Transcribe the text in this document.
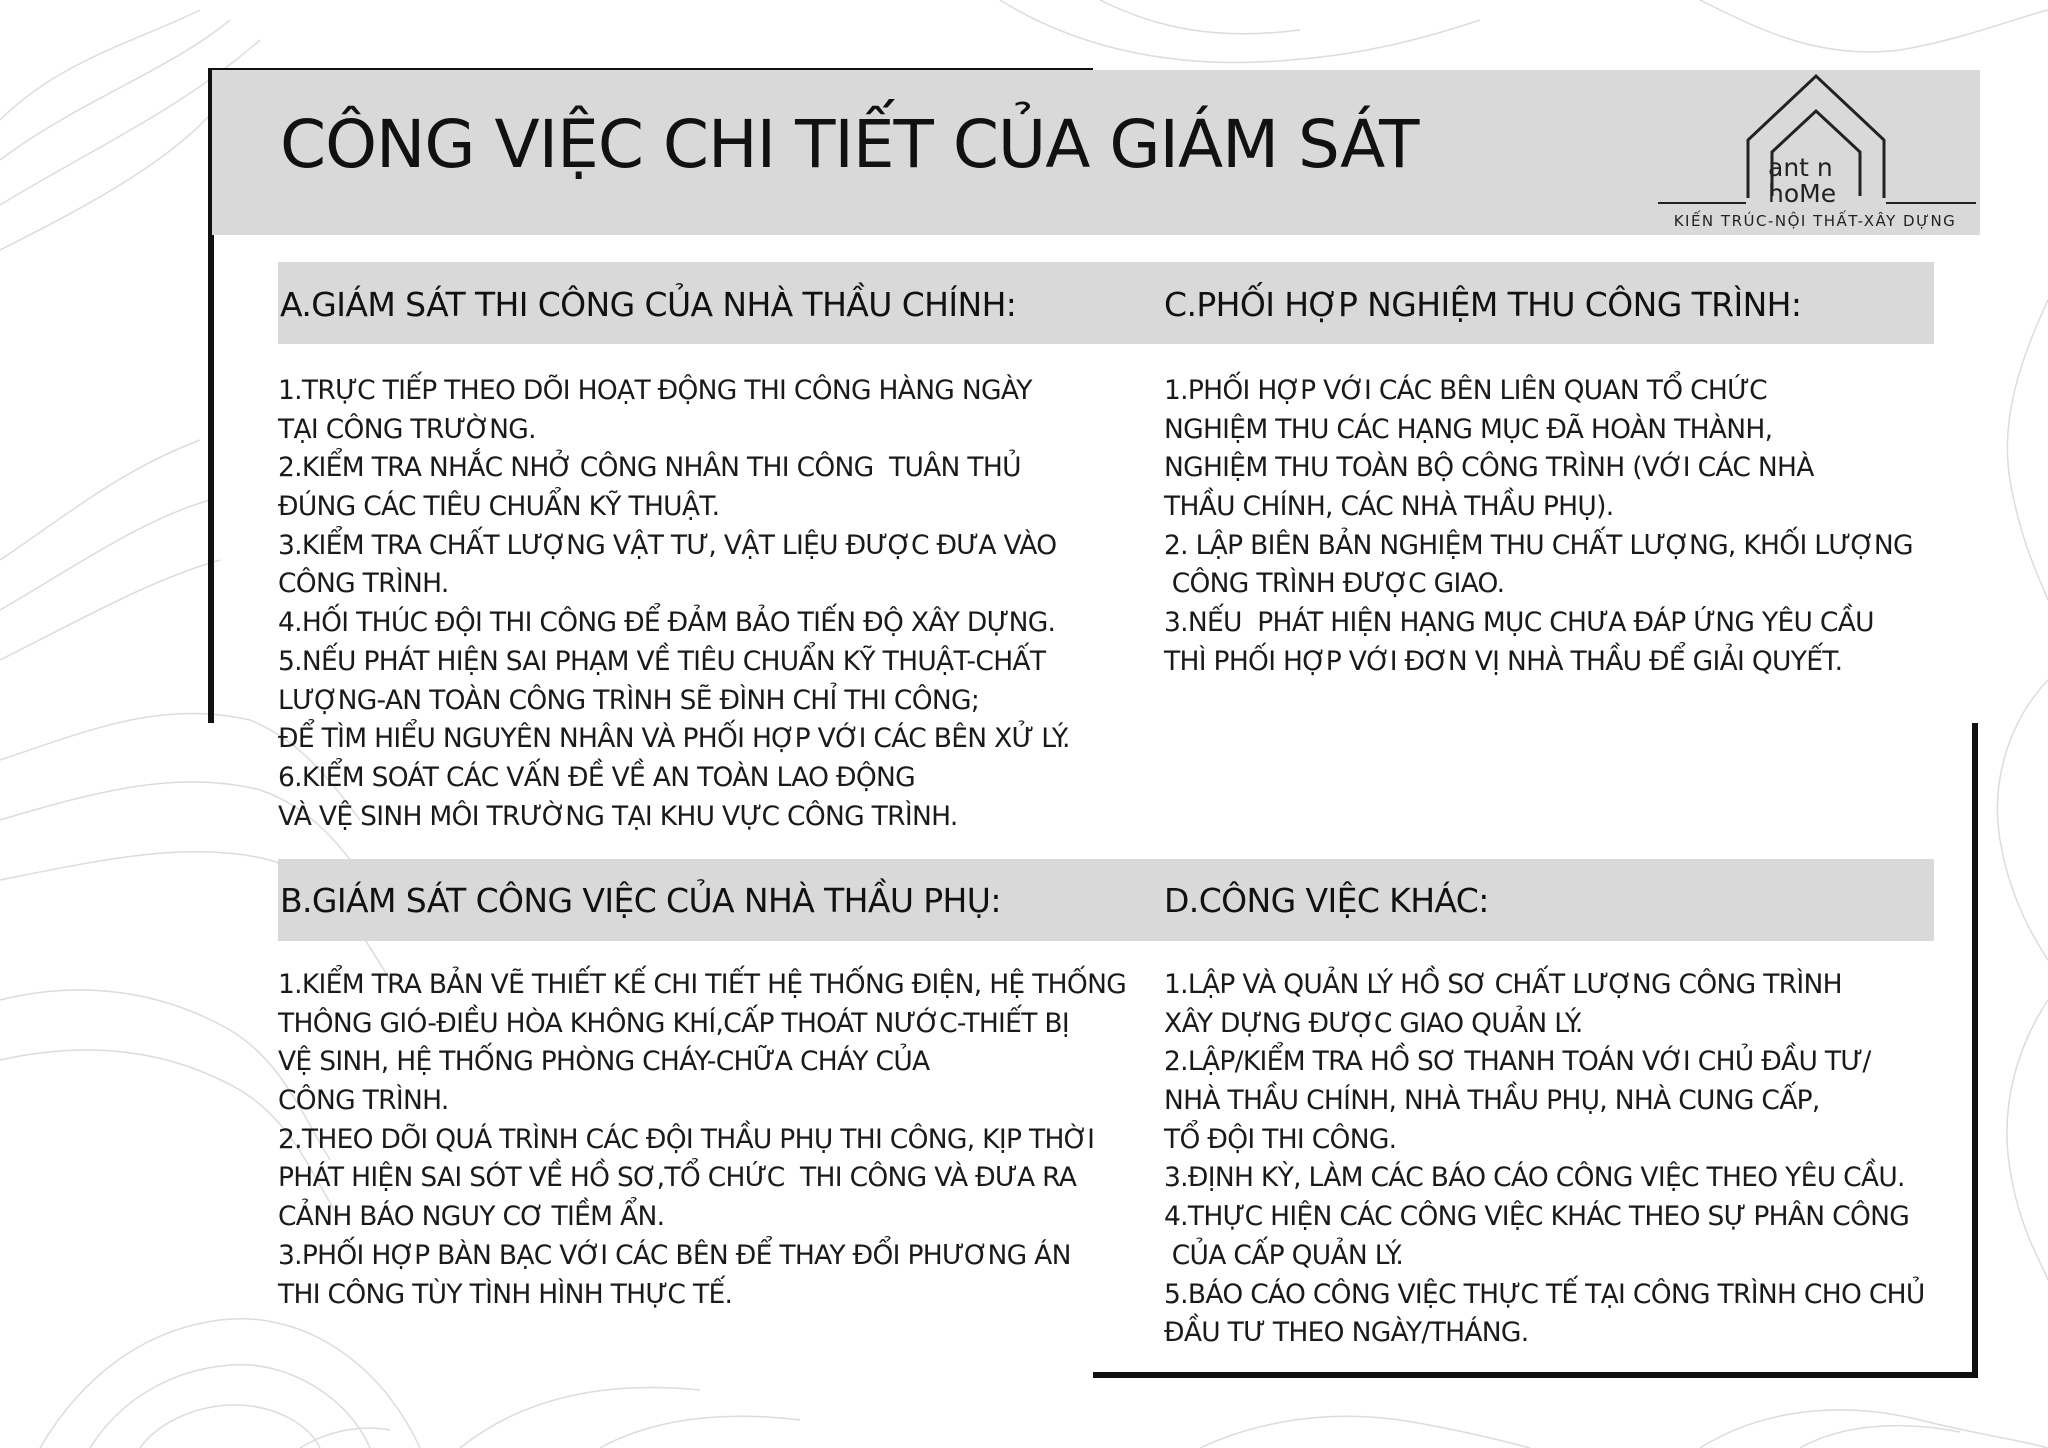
CÔNG VIỆC CHI TIẾT CỦA GIÁM SÁT	ant n
hoMe
KIẾN TRÚC-NỘI THẤT-XÂY DỰNG
A.GIÁM SÁT THI CÔNG CỦA NHÀ THẦU CHÍNH:
1.TRỰC TIẾP THEO DÕI HOẠT ĐỘNG THI CÔNG HÀNG NGÀY
TẠI CÔNG TRƯỜNG.
2.KIỂM TRA NHẮC NHỞ CÔNG NHÂN THI CÔNG  TUÂN THỦ
ĐÚNG CÁC TIÊU CHUẨN KỸ THUẬT.
3.KIỂM TRA CHẤT LƯỢNG VẬT TƯ, VẬT LIỆU ĐƯỢC ĐƯA VÀO
CÔNG TRÌNH.
4.HỐI THÚC ĐỘI THI CÔNG ĐỂ ĐẢM BẢO TIẾN ĐỘ XÂY DỰNG.
5.NẾU PHÁT HIỆN SAI PHẠM VỀ TIÊU CHUẨN KỸ THUẬT-CHẤT
LƯỢNG-AN TOÀN CÔNG TRÌNH SẼ ĐÌNH CHỈ THI CÔNG;
ĐỂ TÌM HIỂU NGUYÊN NHÂN VÀ PHỐI HỢP VỚI CÁC BÊN XỬ LÝ.
6.KIỂM SOÁT CÁC VẤN ĐỀ VỀ AN TOÀN LAO ĐỘNG
VÀ VỆ SINH MÔI TRƯỜNG TẠI KHU VỰC CÔNG TRÌNH.
C.PHỐI HỢP NGHIỆM THU CÔNG TRÌNH:
1.PHỐI HỢP VỚI CÁC BÊN LIÊN QUAN TỔ CHỨC
NGHIỆM THU CÁC HẠNG MỤC ĐÃ HOÀN THÀNH,
NGHIỆM THU TOÀN BỘ CÔNG TRÌNH (VỚI CÁC NHÀ
THẦU CHÍNH, CÁC NHÀ THẦU PHỤ).
2. LẬP BIÊN BẢN NGHIỆM THU CHẤT LƯỢNG, KHỐI LƯỢNG
CÔNG TRÌNH ĐƯỢC GIAO.
3.NẾU  PHÁT HIỆN HẠNG MỤC CHƯA ĐÁP ỨNG YÊU CẦU
THÌ PHỐI HỢP VỚI ĐƠN VỊ NHÀ THẦU ĐỂ GIẢI QUYẾT.
B.GIÁM SÁT CÔNG VIỆC CỦA NHÀ THẦU PHỤ:
1.KIỂM TRA BẢN VẼ THIẾT KẾ CHI TIẾT HỆ THỐNG ĐIỆN, HỆ THỐNG
THÔNG GIÓ-ĐIỀU HÒA KHÔNG KHÍ,CẤP THOÁT NƯỚC-THIẾT BỊ
VỆ SINH, HỆ THỐNG PHÒNG CHÁY-CHỮA CHÁY CỦA
CÔNG TRÌNH.
2.THEO DÕI QUÁ TRÌNH CÁC ĐỘI THẦU PHỤ THI CÔNG, KỊP THỜI
PHÁT HIỆN SAI SÓT VỀ HỒ SƠ,TỔ CHỨC  THI CÔNG VÀ ĐƯA RA
CẢNH BÁO NGUY CƠ TIỀM ẨN.
3.PHỐI HỢP BÀN BẠC VỚI CÁC BÊN ĐỂ THAY ĐỔI PHƯƠNG ÁN
THI CÔNG TÙY TÌNH HÌNH THỰC TẾ.
D.CÔNG VIỆC KHÁC:
1.LẬP VÀ QUẢN LÝ HỒ SƠ CHẤT LƯỢNG CÔNG TRÌNH
XÂY DỰNG ĐƯỢC GIAO QUẢN LÝ.
2.LẬP/KIỂM TRA HỒ SƠ THANH TOÁN VỚI CHỦ ĐẦU TƯ/
NHÀ THẦU CHÍNH, NHÀ THẦU PHỤ, NHÀ CUNG CẤP,
TỔ ĐỘI THI CÔNG.
3.ĐỊNH KỲ, LÀM CÁC BÁO CÁO CÔNG VIỆC THEO YÊU CẦU.
4.THỰC HIỆN CÁC CÔNG VIỆC KHÁC THEO SỰ PHÂN CÔNG
CỦA CẤP QUẢN LÝ.
5.BÁO CÁO CÔNG VIỆC THỰC TẾ TẠI CÔNG TRÌNH CHO CHỦ
ĐẦU TƯ THEO NGÀY/THÁNG.
